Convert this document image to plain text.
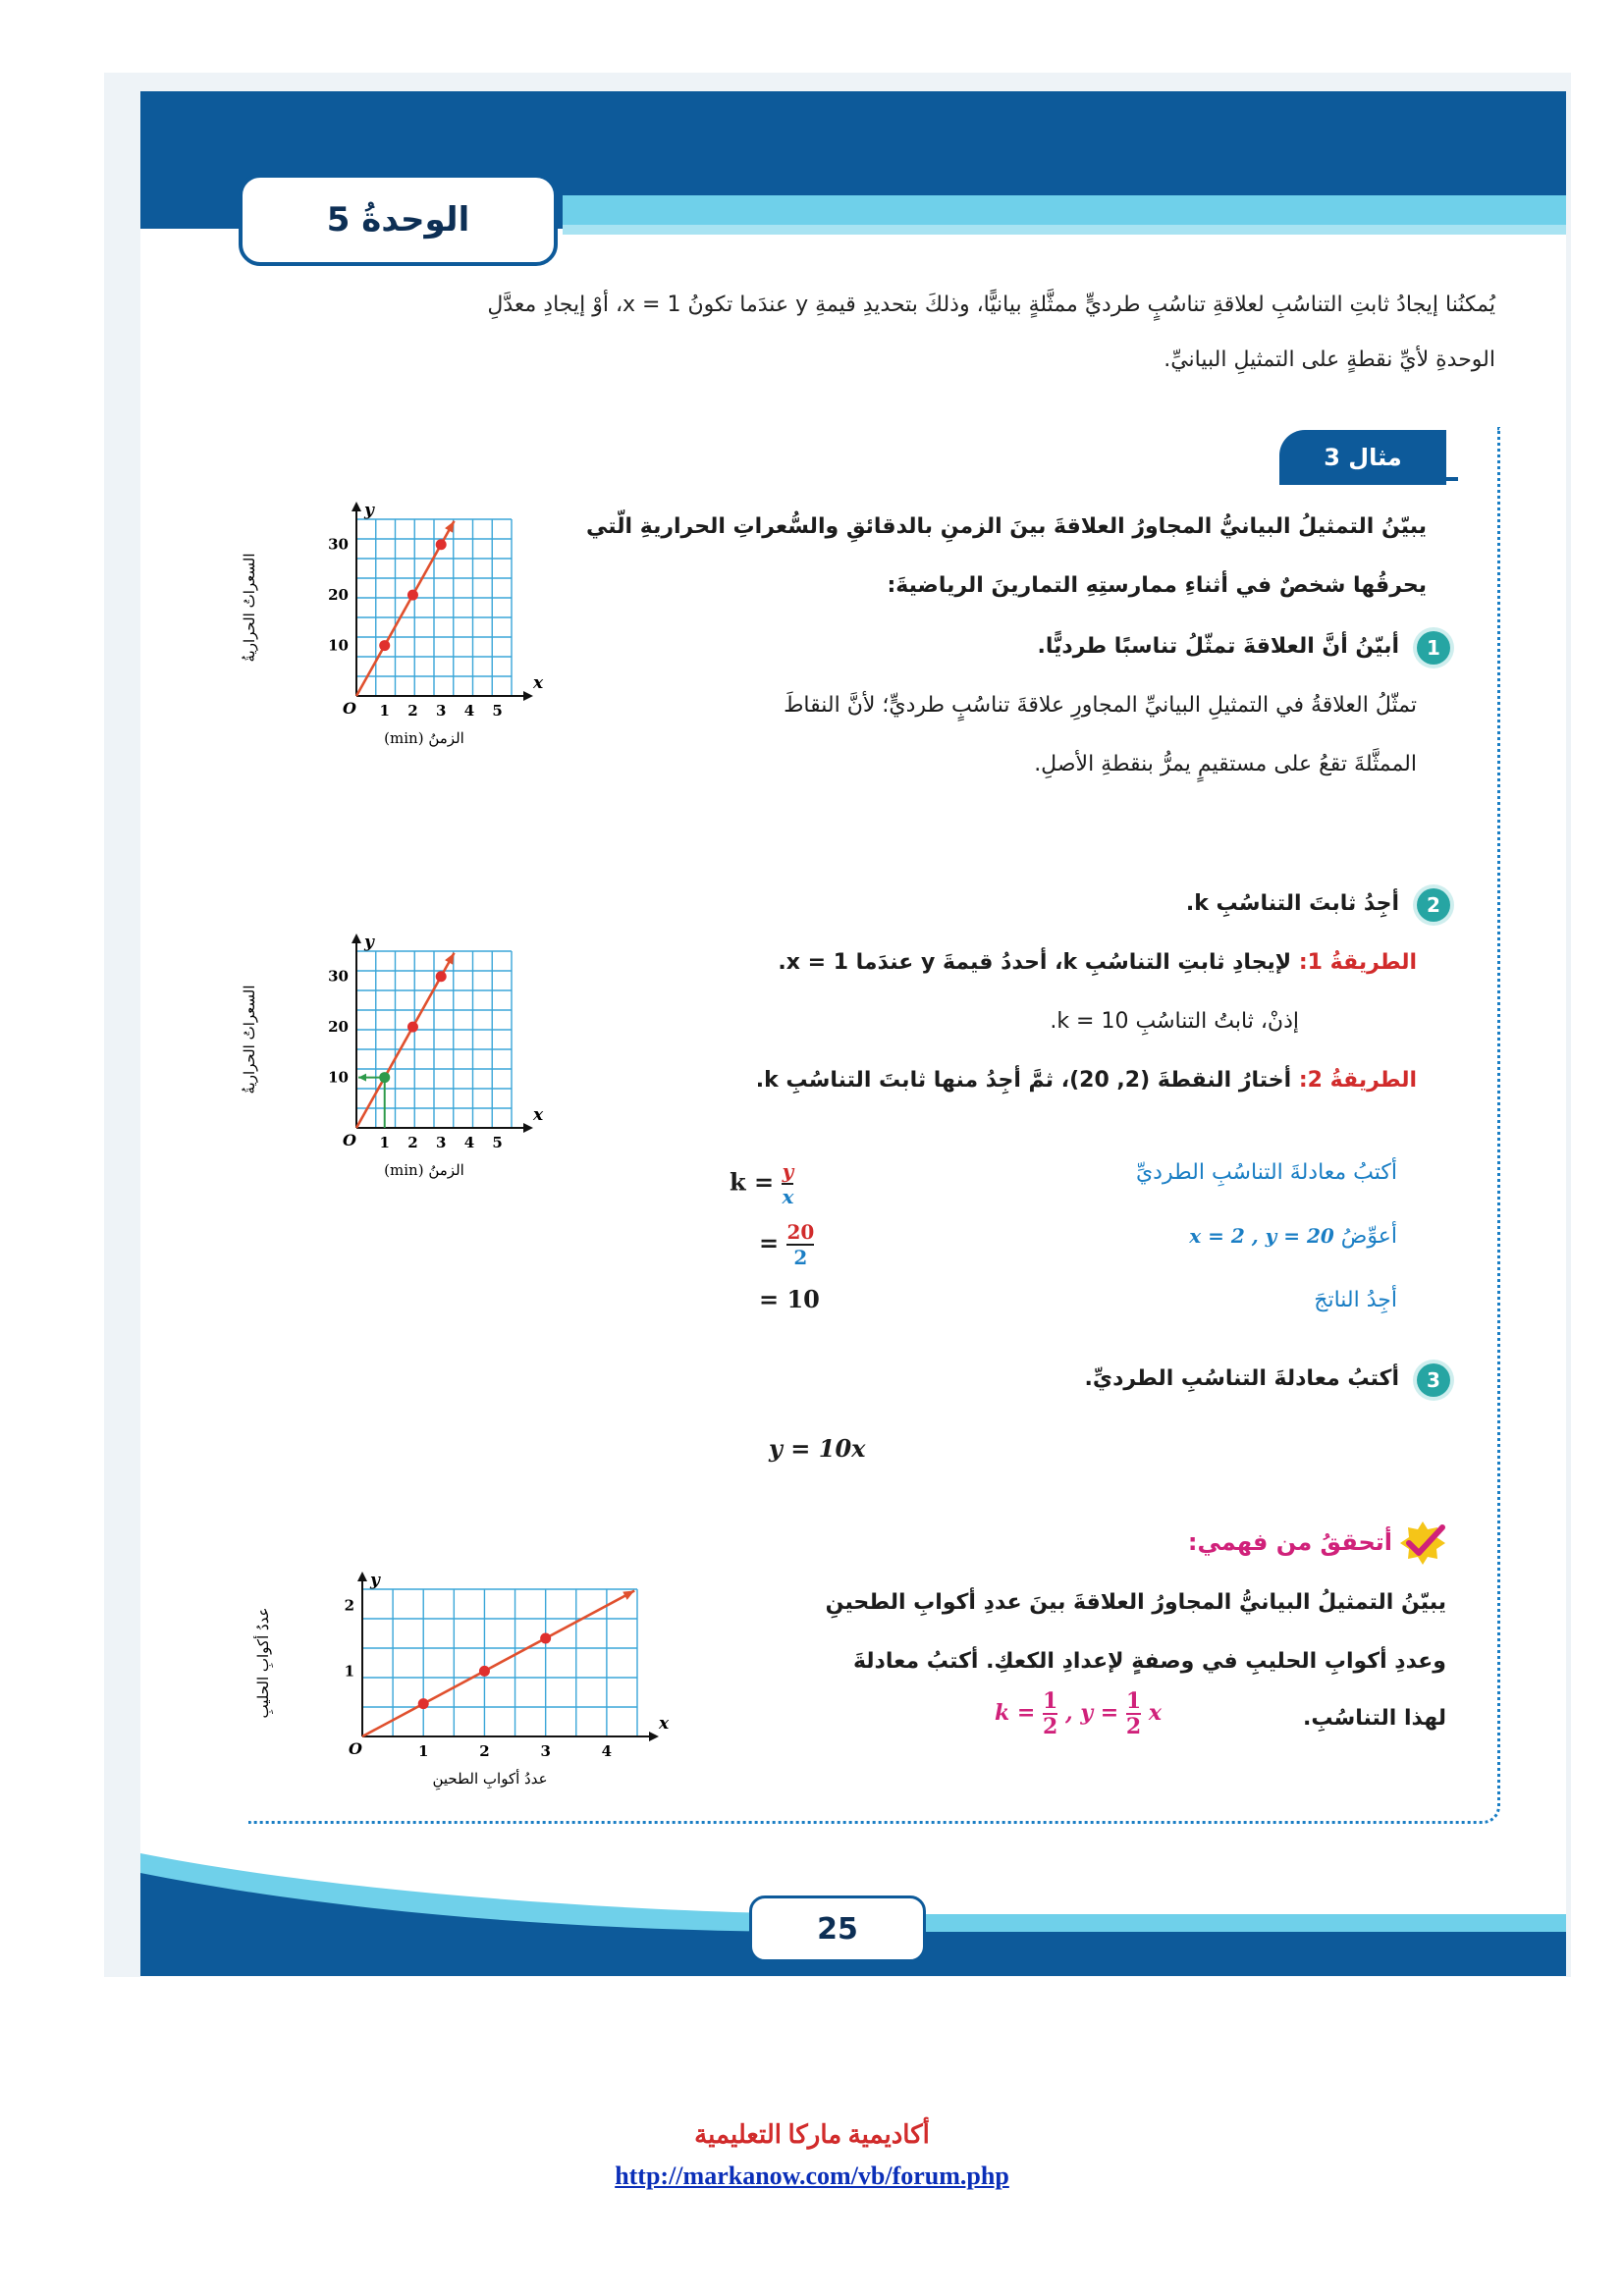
الوحدةُ 5
يُمكنُنا إيجادُ ثابتِ التناسُبِ لعلاقةِ تناسُبٍ طرديٍّ ممثَّلةٍ بيانيًّا، وذلكَ بتحديدِ قيمةِ y عندَما تكونُ x = 1، أوْ إيجادِ معدَّلِ
الوحدةِ لأيِّ نقطةٍ على التمثيلِ البيانيِّ.
مثال 3
يبيّنُ التمثيلُ البيانيُّ المجاورُ العلاقةَ بينَ الزمنِ بالدقائقِ والسُّعراتِ الحراريةِ الّتي
يحرقُها شخصٌ في أثناءِ ممارستِهِ التمارينَ الرياضيةَ:
1
أبيّنُ أنَّ العلاقةَ تمثّلُ تناسبًا طرديًّا.
تمثّلُ العلاقةُ في التمثيلِ البيانيِّ المجاورِ علاقةَ تناسُبٍ طرديٍّ؛ لأنَّ النقاطَ
الممثَّلةَ تقعُ على مستقيمٍ يمرُّ بنقطةِ الأصلِ.
2
أجِدُ ثابتَ التناسُبِ k.
الطريقةُ 1: لإيجادِ ثابتِ التناسُبِ k، أحددُ قيمةَ y عندَما x = 1.
إذنْ، ثابتُ التناسُبِ k = 10.
الطريقةُ 2: أختارُ النقطةَ (2, 20)، ثمَّ أجِدُ منها ثابتَ التناسُبِ k.
$k = \frac{y}{x}$
= $\frac{20}{2}$
= 10
أكتبُ معادلةَ التناسُبِ الطرديِّ
أعوِّضُ x = 2 , y = 20
أجِدُ الناتجَ
3
أكتبُ معادلةَ التناسُبِ الطرديِّ.
y = 10x
أتحققُ من فهمي:
يبيّنُ التمثيلُ البيانيُّ المجاورُ العلاقةَ بينَ عددِ أكوابِ الطحينِ
وعددِ أكوابِ الحليبِ في وصفةٍ لإعدادِ الكعكِ. أكتبُ معادلةَ
لهذا التناسُبِ.
$k = \frac{1}{2}$ , $y = \frac{1}{2}$ x
1 2 3 4 5
10
20
30
O
x
y
الزمنُ (min)
السعراتُ الحراريةُ
1 2 3 4 5
10
20
30
O
x
y
الزمنُ (min)
السعراتُ الحراريةُ
1	2	3	4
1
2
O
x
y
عددُ أكوابِ الطحينِ
عددُ أكوابِ الحليبِ
25
أكاديمية ماركا التعليمية
http://markanow.com/vb/forum.php
